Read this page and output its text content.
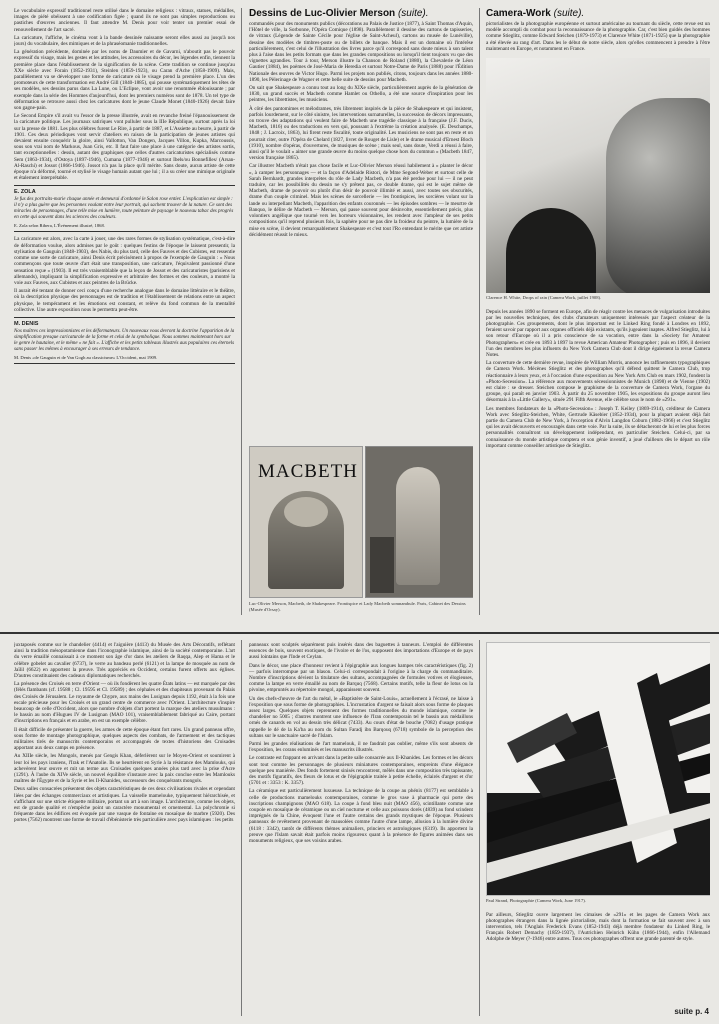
Le vocabulaire expressif traditionnel reste utilisé dans le domaine religieux : vitraux, statues, médailles, images de piété obéissent à une codification figée ; quand ils ne sont pas simples reproductions ou pastiches d'œuvres anciennes. Il faut attendre M. Denis pour voir tenter un premier essai de renouvellement de l'art sacré.

La caricature, l'affiche, le cinéma vont à la bande dessinée naissante seront elles aussi au jusqu'à nos jours) du vocabulaire, des mimiques et de la phraséomanie traditionnelles.

La génération précédente, dominée par les noms de Daumier et de Gavarni, n'aboutit pas le pouvoir expressif du visage, mais les gestes et les attitudes, les accessoires du décor, les légendes enfin, tiennent la première place dans l'établissement de la signification de la scène. Cette tradition se continue jusqu'au XXe siècle avec Forain (1852-1931), Steinlen (1859-1923), ou Caran d'Ache (1858-1909). Mais, parallèlement va se développer une forme de caricature où le visage prend la première place. L'un des promoteurs de cette transformation est André Gill (1840-1885), qui pousse systématiquement les têtes de ses modèles, ses dessins parus dans La Lune, ou L'Eclipse, vont avoir une renommée éblouissante ; par exemple dans la série des Hommes d'aujourd'hui, dont les premiers numéros sont de 1878. Un tel type de déformation se retrouve aussi chez les caricatures dont le jeune Claude Monet (1840-1926) devait faire son gagne-pain.

Le Second Empire s'il avait vu l'essor de la presse illustrée, avait en revanche freiné l'épanouissement de la caricature politique. Les journaux satiriques vont pulluler sous la IIIe République, surtout après la loi sur la presse de 1881. Les plus célèbres furent Le Rire, à partir de 1887, et L'Assiette au beurre, à partir de 1901. Ces deux périodiques vont servir d'ateliers en raison de la participation de jeunes artistes qui devaient ensuite conquérir la gloire, ainsi Vallotton, Van Dongen, Jacques Villon, Kupka, Marcoussis, sous son vrai nom de Markous, Juan Gris, etc. Il faut faire une place à une catégorie des artistes sortis, tant exceptionnelles : dessin, autant des graphiques que celles d'autres caricaturistes spécialisés comme Sem (1863-1934), d'Ostoya (1897-1946), Cumana (1877-1946) et surtout Ibels/ou Bonnefilles/ (Arsan-Al-Raschi) et Jossot (1866-1946). Jossot n'a pas la place qu'il mérite. Sans doute, aucun artiste de cette époque n'a déformé, tourné et stylisé le visage humain autant que lui ; il a su créer une mimique originale et étalement interprétable.

E. ZOLA
Je fus des portraits-marie chaque année et demeurai d'ordonné le Salon rose entier. L'explication est simple : il n'y a plus guère que les personnes voulant entre leur portrait, qui sachent trouver de la nature. Ce sont des miracles de personnages, d'une telle mise en lumière, toute peinture de paysage le nouveau tabac des progrès en cette qui souvent dans les sciences des couleurs.
E. Zola selon Ribera, L'Événement illustré, 1868.

La caricature est alors, avec la carte à jouer, une des rares formes de stylisation systématique, c'est-à-dire de déformation voulue, alors admises par le goût : quelques festins de l'époque le laissent pressentir, la stylisation de Gauguin (1848-1903), des Nabis, du plus tard, celle des Fauves et des Cubistes, est ressentie comme une sorte de caricature, ainsi Denis écrit précisément à propos de l'exemple de Gauguin : « Nous commençons que toute œuvre d'art était une transposition, une caricature, l'équivalent passionné d'une sensation reçue » (1903). Il est très vraisemblable que la leçon de Jossot et des caricaturistes (parisiens et allemands), impliquant la simplification expressive et arbitraire des formes et des couleurs, a montré la voie aux Fauves, aux Cubistes et aux peintres de la Brücke.

Il aurait été tentant de donner ceci conçu d'une recherche analogue dans le domaine littéraire et le théâtre, où la description physique des personnages est de tradition et l'établissement de relations entre un aspect physique, le tempérament et les émotions est constant, et relève du fond commun de la mentalité collective. Une autre exposition nous le permettra peut-être.

M. DENIS
Nos maîtres ces impressionnistes et les déformateurs. Un nouveaux vous devront la doctrine l'apparition de la simplification presque caricaturale de la forme et celui de la symbolique. Nous sommes maintenant hors sur le genre le hautaine, et le même « ne fait ». L'affiche et les petits tableaux illustrés aux populaires ces éternels sans passer les mêmes à encourager à ses erreurs de tendance.
M. Denis «de Gauguin et de Van Gogh au classicisme» L'Occident, mai 1909.
Dessins de Luc-Olivier Merson (suite).

commandés pour des monuments publics (décorations au Palais de Justice (1877), à Saint Thomas d'Aquin, l'Hôtel de ville, la Sorbonne, l'Opéra Comique (1898). Parallèlement il dessine des cartons de tapisseries, de vitraux (Légende de Sainte Cécile pour l'église de Saint-Acheul), cartons au musée de Lunéville), dessine des modèles de timbres-poste ou de billets de banque. Mais il est un domaine où l'intérêse particulièrement, c'est celui de l'illustration des livres parce qu'il correspond sans doute mieux à son talent plus à l'aise dans les petits formats que dans les grandes compositions ou lorsqu'il tient toujours vu que des vignettes agrandies. Tour à tour, Merson illustre la Chanson de Roland (1880), la Chevalerie de Léon Gautier (1884), les poèmes de José-Maria de Heredia et surtout Notre-Dame de Paris (1888) pour l'Édition Nationale des œuvres de Victor Hugo. Parmi les projets non publiés, citons, toujours dans les années 1880-1890, les Pèlerinage de Wagner et cette belle suite de dessins pour Macbeth.

On sait que Shakespeare a connu tout au long du XIXe siècle, particulièrement auprès de la génération de 1830, un grand succès et Macbeth comme Hamlet ou Othello, a été une source d'inspiration pour les peintres, les librettistes, les musiciens.

À côté des pantomimes et mélodrames, très librement inspirés de la pièce de Shakespeare et qui insistent, parfois lourdement, sur le côté sinistre, les interventions surnaturelles, la succession de décors impressants, on trouve des adaptations qui veulent faire de Macbeth une tragédie classique à la française (J.F. Ducis, Macbeth, 1816) ou des traductions en vers qui, poussant à l'extrême la création analysée. (E. Deschamps, 1848 ; J. Lacroix, 1863), lui firent reste fiscalité, toute originalité. Les musiciens ne sont pas en reste et on pourrait citer, outre l'Opéra de Chelard (1827, livret de Rouget de Lisle) et le drame musical d'Ernest Bloch (1910), nombre d'opéras, d'ouvertures, de musiques de scène ; mais seul, sans doute, Verdi a réussi à faire, ainsi qu'il le voulait « aimer une grande œuvre du moins quelque chose hors du commun » (Macbeth 1847, version française 1865).

Car illustrer Macbeth n'était pas chose facile et Luc-Olivier Merson réussi habilement à « planter le décor », à camper les personnages — et la façon d'Adelaide Ristori, de Mme Segond-Weber et surtout celle de Sarah Bernhardt, grandes interprètes du rôle de Lady Macbeth, n'a pas été perdue pour lui — il ne peut traduire, car les possibilités du dessin ne s'y prêtent pas, ce double drame, qui est le sujet même de Macbeth, drame de pouvoir ou plutôt d'un désir de pouvoir illimité et aussi, avec toutes ses obscurités, drame d'un couple criminel. Mais les scènes de sorcellerie — les frontispices, les sorcières volant sur la lande ou interpellant Macbeth, l'apparition des enfants couronnés — les épisodes sombres — le meurtre de Banquo, le délire de Macbeth — Merson, qui passe souvent pour désinvolte, essentiellement précis, plus volontiers angélique que tourné vers les horreurs visionnaires, les rendent avec l'ampleur de ses petits compositions qu'il reprend plusieurs fois, la saphère pour ne pas dire la froideur du peintre, la lumière de la mise en scène, il devient remarquablement Shakespeare et c'est tout l'Ro entendant le mérite que cet artiste décidément réussit le mieux.

MACBETH
Luc-Olivier Merson, Macbeth, de Shakespeare. Frontispice et Lady Macbeth somnambule. Paris, Cabinet des Dessins (Musée d'Orsay).
Camera-Work (suite).
pictorialistes de la photographie européenne et surtout américaine au tournant du siècle, cette revue est un modèle accompli du combat pour la reconnaissance de la photographie. Car, c'est bien guidés des hommes comme Stieglitz, comme Edward Steichen (1879-1973) et Clarence White (1871-1925) que la photographie a été élevée au rang d'art. Dans les le début de notre siècle, alors qu'elles commencent à prendre à l'être maintenant en Europe, et notamment en France.
Clarence H. White, Drops of rain (Camera Work, juillet 1908).
Depuis les années 1890 se forment en Europe, afin de réagir contre les menaces de vulgarisation introduites par les nouvelles techniques, des clubs d'amateurs uniquement intéressés par l'aspect créateur de la photographie. Ces groupements, dont le plus important est le Linked Ring fondé à Londres en 1892, feraient savoir par rapport aux organes officiels déjà existants, qu'ils jugeaient inaptes. Alfred Stieglitz, lui à son retour d'Europe où il a pris conscience de sa vocation, entre dans la «Society for Amateur Photographers» et crée en 1893 à 1897 la revue American Amateur Photographer ; puis en 1896, il devient l'un des membres les plus influents du New York Camera Club dont il dirige également la revue Camera Notes.
La couverture de cette dernière revue, inspirée de William Morris, annonce les raffinements typographiques de Camera Work. Mécènes Stieglitz et des photographes qu'il défend quittent le Camera Club, trop réactionnaire à leurs yeux, et à l'occasion d'une exposition au New York Arts Club en mars 1902, fondent la «Photo-Secession». La référence aux mouvements sécessionnistes de Munich (1898) et de Vienne (1902) est claire : se dresser. Steichen compose le graphisme de la couverture de Camera Work, l'organe du groupe, qui paraît en janvier 1903. À partir du 25 novembre 1905, les expositions du groupe auront lieu désormais à la «Little Gallery», située 291 Fifth Avenue, elle célèbre sous le nom de «291».
Les membres fondateurs de la «Photo-Secession» : Joseph T. Keiley (1869-1914), créditeur de Camera Work avec Stieglitz-Steichen, White, Gertrude Käsebier (1852-1934), pour la plupart avaient déjà fait partie du Camera Club de New York, à l'exception d'Alvin Langdon Coburn (1882-1966) et c'est Stieglitz qui les avait découverts et encouragés dans cette voie. Par la suite, ils se détacheront de lui et les plus forces personnalités connaîtront un développement indépendant, en particulier Steichen. Celui-ci, par sa connaissance du monde artistique comptera et son génie inventif, a joué d'ailleurs dès le départ un rôle important comme conseiller artistique de Stieglitz.

juxtaposés comme sur le chandelier (4414) et l'aiguière (4413) du Musée des Arts Décoratifs, reflétant ainsi la tradition mésopotamienne dans l'iconographie islamique, ainsi de la société contemporaine. L'art du verre émaillé connaissait à ce moment son âge d'or dans les ateliers de Raqqa, Alep et Hama et le célèbre gobelet au cavalier (6737), le verre au bandeau perlé (6121) et la lampe de mosquée au nom de Jaïlil (6622) en apportent la preuve. Très appréciés en Occident, certains furent offerts aux églises. D'autres constituaient des cadeaux diplomatiques recherchés.

La présence des Croisés en terre d'Orient — où ils fondèrent les quatre États latins — est marquée par des (félés flambants (cf. 19588 ; Cl. 19595 et Cl. 19589) ; des céphales et des chapiteaux provenant du Palais des Croisés de Jérusalem. Le royaume de Chypre, aux mains des Lusignan depuis 1192, était à la fois une escale précieuse pour les Croisés et un grand centre de commerce avec l'Orient. L'architecture s'inspire beaucoup de celle d'Occident, alors que nombre d'objets d'art portent la marque des ateliers musulmans : le bassin au nom d'Hugues IV de Lusignan (MAO 101), vraisemblablement fabriqué au Caire, portant d'inscriptions en français et en arabe, en est un exemple célèbre.

Il était difficile de présenter la guerre, les armes de cette époque étant fort rares. Un grand panneau offre, sous forme de montage photographique, quelques aspects des combats, de l'armement et des tactiques militaires tirés de manuscrits contemporains et accompagnés de textes d'historiens des Croisades apportant aux deux camps en présence.

Au XIIIe siècle, les Mongols, menés par Gengis Khan, déferlèrent sur le Moyen-Orient et soumirent à leur loi les pays iraniens, l'Irak et l'Anatolie. Ils se heurtèrent en Syrie à la résistance des Mamlouks, qui achevèrent leur œuvre et mit un terme aux Croisades quelques années plus tard avec la prise d'Acre (1291). À l'aube du XIVe siècle, un nouvel équilibre s'instaure avec la paix conclue entre les Mamlouks maîtres de l'Égypte et de la Syrie et les Il-Khanides, successeurs des conquérants mongols.

Deux salles consacrées présentent des objets caractéristiques de ces deux civilisations rivales et cependant liées par des échanges commerciaux et artistiques. La vaisselle mamelouke, typiquement hiérarchisée, et s'affichant sur une stricte étiquette militaire, portant un art à son image. L'architecture, comme les objets, est de grande qualité et n'empêche point un caractère monumental et ornemental. La polychromie si fréquente dans les édifices est évoquée par une vasque de fontaine en mosaïque de marbre (5920). Des portes (7562) montrent une forme de travail d'ébénisterie très particulière avec pays islamiques : les petits

panneaux sont sculptés séparément puis insérés dans des baguettes à tanneurs. L'emploi de différentes essences de bois, souvent exotiques, de l'ivoire et de l'os, supposent des importations d'Europe et de pays aussi lointains que l'Inde et Ceylan.

Dans le décor, une place d'honneur revient à l'épigraphie aux longues hampes très caractéristiques (fig. 2) — parfois interrompue par un blason. Celui-ci correspondait à l'origine à la charge du commanditaire. Nombre d'inscriptions dévient la titulature des sultans, accompagnées de formules votives et élogieuses, comme la lampe en verre émaillé au nom de Barquq (7568). Certains motifs, telle la fleur de lotus ou la pivoine, empruntés au répertoire mongol, apparaissent souvent.

Un des chefs-d'œuvre de l'art du métal, le «Baptistère de Saint-Louis», actuellement à l'écrasé, ne laisse à l'exposition que sous forme de photographies. L'incrustation d'argent se faisait alors sous forme de plaques assez larges. Quelques objets reprennent des formes traditionnelles du monde islamique, comme le chandelier no 5005 ; d'autres montrent une influence de l'Iran contemporain tel le bassin aux médaillons ornés de canards en vol au dessin très délicat (7433). Au cours d'état de bouche (7082) d'usage pratique rappelle le dé de la Ka'ba au nom du Sultan Faradj ibn Barqouq (6718) symbole de la perception des sultans sur le sanctuaire sacré de l'Islam.

Parmi les grandes réalisations de l'art mamelouk, il ne faudrait pas oublier, même s'ils sont absents de l'exposition, les corans enluminés et les manuscrits illustrés.

Le contraste est frappant en arrivant dans la petite salle consacrée aux Il-Khanides. Les formes et les décors sont tout comme les personnages de plusieurs miniatures contemporaines, empreints d'une élégance quelque peu maniérée. Des fonds fortement sinisés rencontrent, mêlés dans une composition très tapissante, des motifs figuratifs, des fleurs de lotus et de l'épigraphie traitée à petite échelle, éclairés d'argent et d'or (5701 et : 3353 : K. 3357).

La céramique est particulièrement luxueuse. La technique de la coupe au phénix (8177) est semblable à celle de productions mamelouks contemporaines, comme le gros vase à pharmacie qui porte des inscriptions champignons (MAO 618). La coupe à fond bleu nuit (MAO 456), scintillante comme une coupole en mosaïque de céramique ou un ciel nocturne et celle aux poissons dorés (4839) au fond scindent imprégnés de la Chine, évoquent l'une et l'autre certains des grands mystiques de l'époque. Plusieurs panneaux de revêtement provenant de mausolées comme l'autre d'une lampe, allusion à la lumière divine (6118 : 3342), tantôt de différents thèmes animaliers, princiers et astrologiques (6319). Ils apportent la preuve que l'Islam savait était parfois moins rigoureux quant à la présence de figures animées dans ses monuments religieux, que ses voisins arabes.

Paul Strand, Photographie (Camera Work, June 1917).
Par ailleurs, Stieglitz ouvre largement les cimaises de «291» et les pages de Camera Work aux photographes étrangers dans la lignée pictorialiste, mais dont la formation se fait souvent avec à son intervention, tels l'Anglais Frederick Evans (1852-1943) déjà membre fondateur du Linked Ring, le Français Robert Demachy (1859-1937), l'Autrichien Heinrich Kühn (1866-1944), enfin l'Allemand Adolphe de Meyer (?-1946) entre autres. Tous ces photographes offrent une grande parenté de style.
suite p. 4
